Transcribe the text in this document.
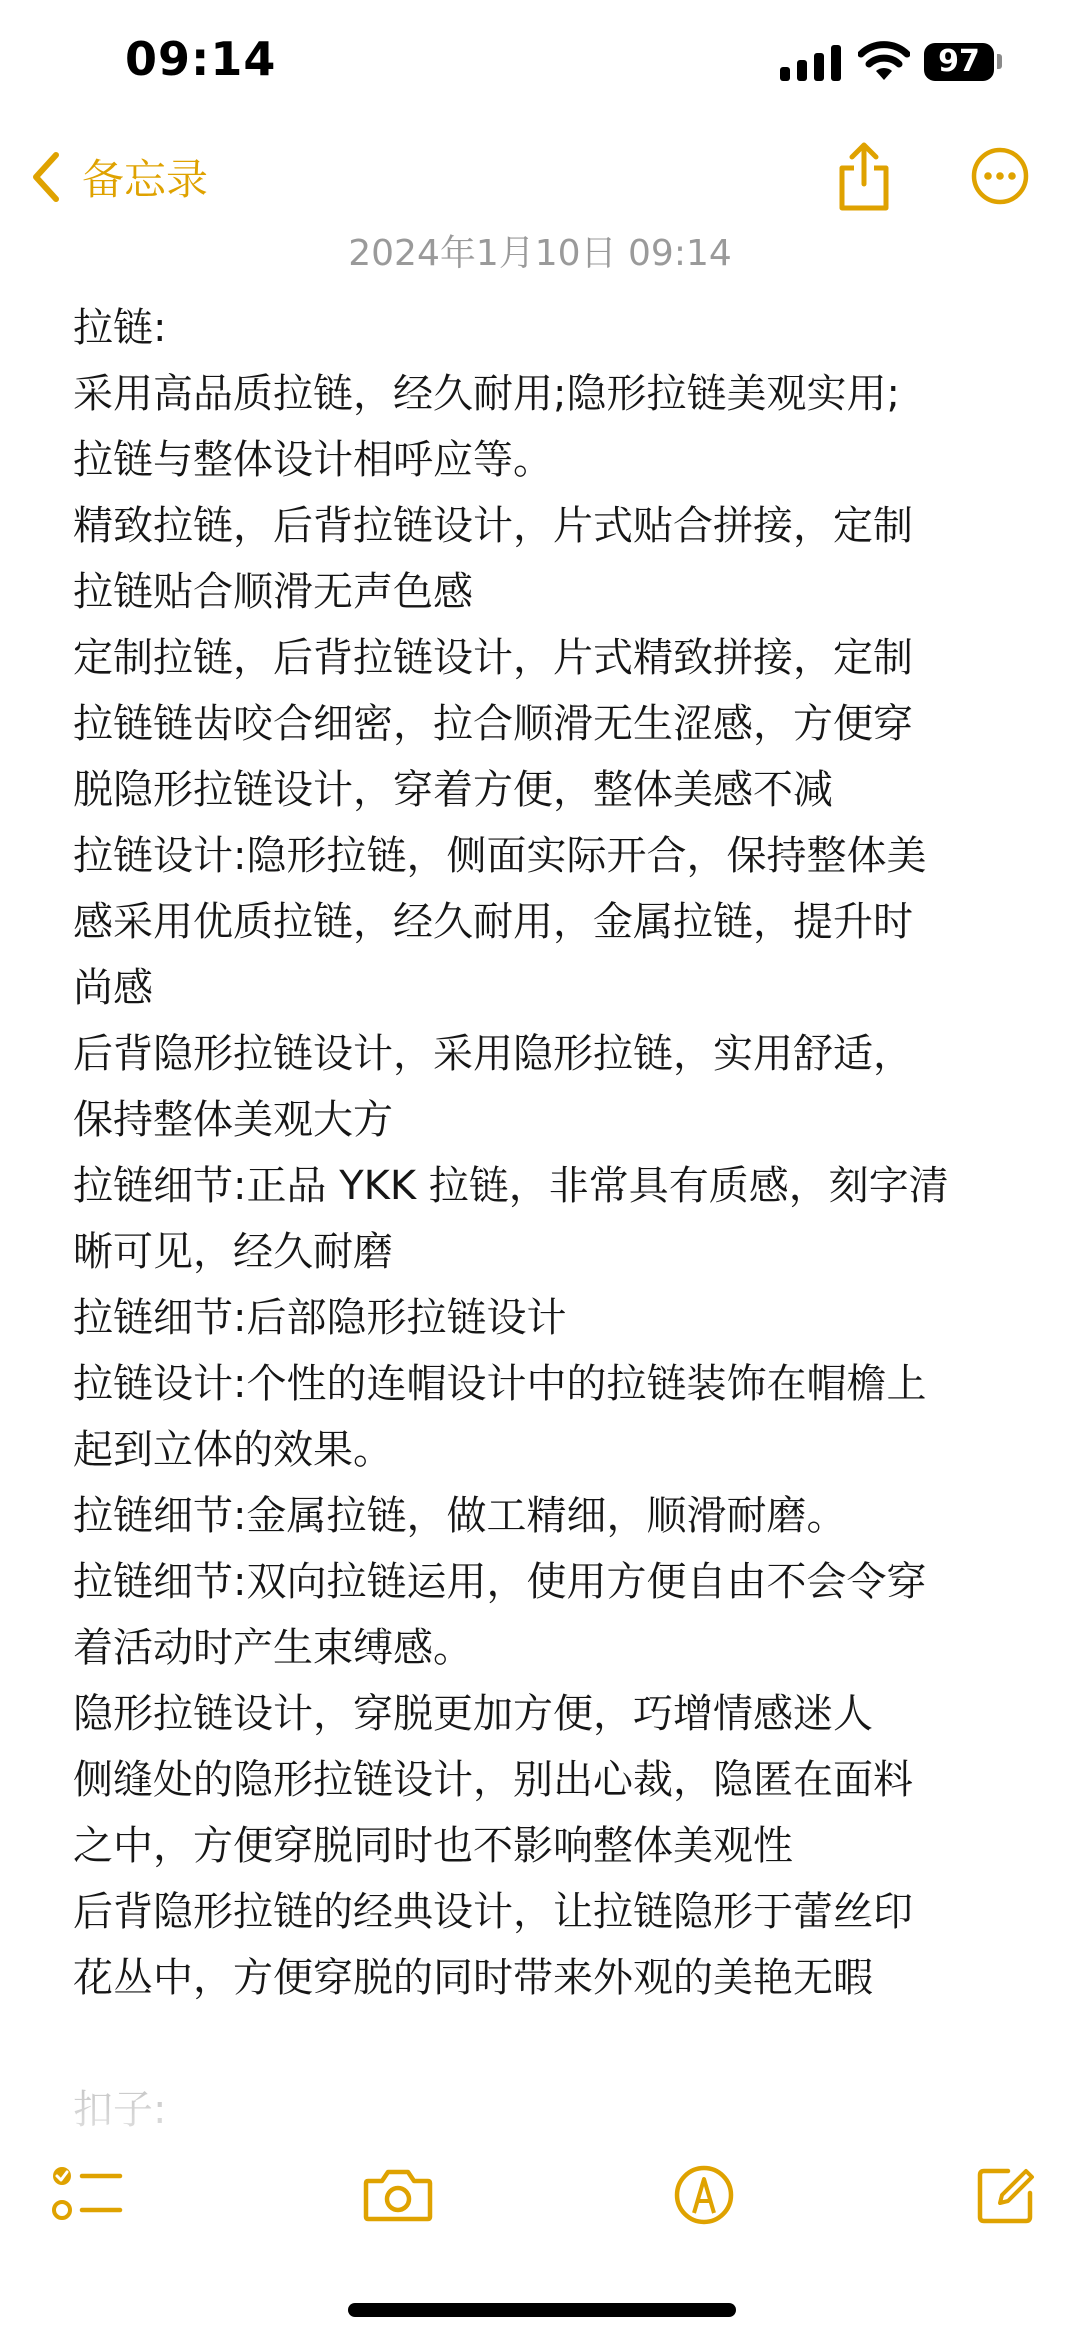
09:14	97
备忘录
2024年1月10日 09:14
拉链:
采用高品质拉链，经久耐用;隐形拉链美观实用;
拉链与整体设计相呼应等。
精致拉链，后背拉链设计，片式贴合拼接，定制
拉链贴合顺滑无声色感
定制拉链，后背拉链设计，片式精致拼接，定制
拉链链齿咬合细密，拉合顺滑无生涩感，方便穿
脱隐形拉链设计，穿着方便，整体美感不减
拉链设计:隐形拉链，侧面实际开合，保持整体美
感采用优质拉链，经久耐用，金属拉链，提升时
尚感
后背隐形拉链设计，采用隐形拉链，实用舒适，
保持整体美观大方
拉链细节:正品 YKK 拉链，非常具有质感，刻字清
晰可见，经久耐磨
拉链细节:后部隐形拉链设计
拉链设计:个性的连帽设计中的拉链装饰在帽檐上
起到立体的效果。
拉链细节:金属拉链，做工精细，顺滑耐磨。
拉链细节:双向拉链运用，使用方便自由不会令穿
着活动时产生束缚感。
隐形拉链设计，穿脱更加方便，巧增情感迷人
侧缝处的隐形拉链设计，别出心裁，隐匿在面料
之中，方便穿脱同时也不影响整体美观性
后背隐形拉链的经典设计，让拉链隐形于蕾丝印
花丛中，方便穿脱的同时带来外观的美艳无暇
